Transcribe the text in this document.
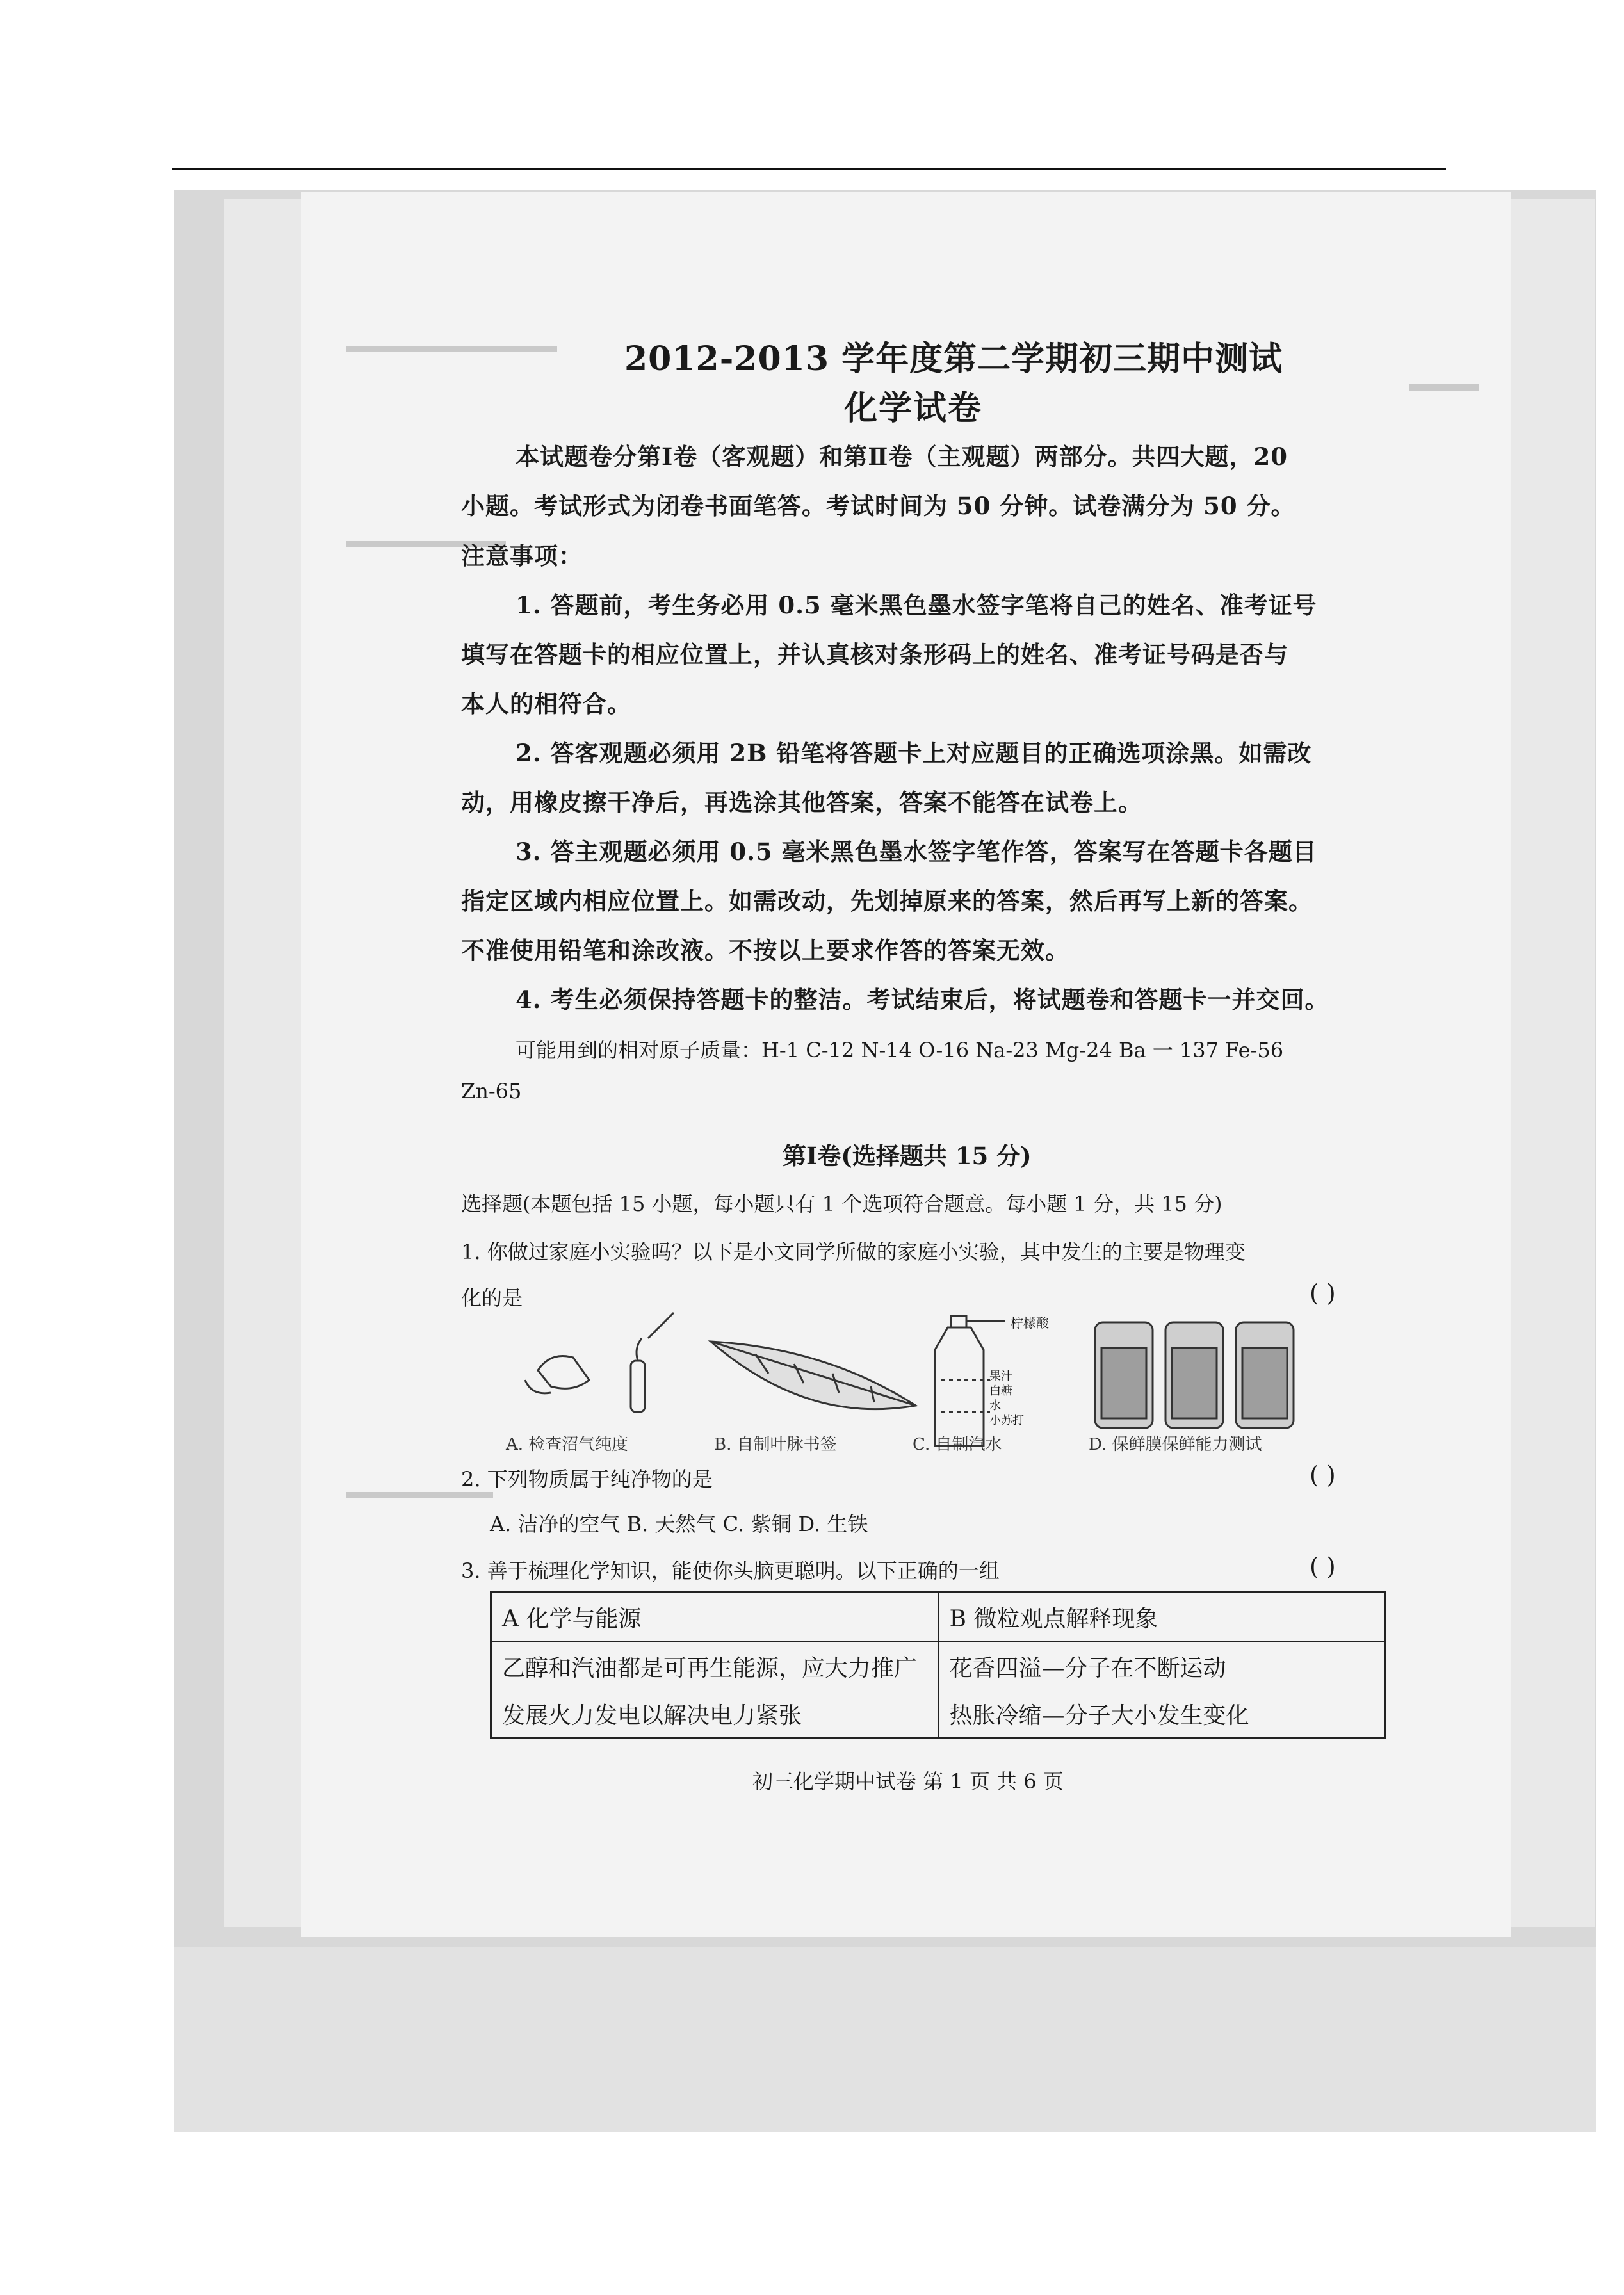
2012-2013 学年度第二学期初三期中测试
化学试卷
本试题卷分第Ⅰ卷（客观题）和第Ⅱ卷（主观题）两部分。共四大题，20
小题。考试形式为闭卷书面笔答。考试时间为 50 分钟。试卷满分为 50 分。
注意事项：
1. 答题前，考生务必用 0.5 毫米黑色墨水签字笔将自己的姓名、准考证号
填写在答题卡的相应位置上，并认真核对条形码上的姓名、准考证号码是否与
本人的相符合。
2. 答客观题必须用 2B 铅笔将答题卡上对应题目的正确选项涂黑。如需改
动，用橡皮擦干净后，再选涂其他答案，答案不能答在试卷上。
3. 答主观题必须用 0.5 毫米黑色墨水签字笔作答，答案写在答题卡各题目
指定区域内相应位置上。如需改动，先划掉原来的答案，然后再写上新的答案。
不准使用铅笔和涂改液。不按以上要求作答的答案无效。
4. 考生必须保持答题卡的整洁。考试结束后，将试题卷和答题卡一并交回。
可能用到的相对原子质量：H-1 C-12 N-14 O-16 Na-23 Mg-24 Ba 一 137 Fe-56
Zn-65
第Ⅰ卷(选择题共 15 分)
选择题(本题包括 15 小题，每小题只有 1 个选项符合题意。每小题 1 分，共 15 分)
1. 你做过家庭小实验吗？以下是小文同学所做的家庭小实验，其中发生的主要是物理变
化的是	( )
柠檬酸
果汁
白糖
水
小苏打
A. 检查沼气纯度	B. 自制叶脉书签	C. 自制汽水	D. 保鲜膜保鲜能力测试
2. 下列物质属于纯净物的是	( )
A. 洁净的空气 B. 天然气 C. 紫铜 D. 生铁
3. 善于梳理化学知识，能使你头脑更聪明。以下正确的一组	( )
A 化学与能源	B 微粒观点解释现象
乙醇和汽油都是可再生能源，应大力推广	花香四溢—分子在不断运动
发展火力发电以解决电力紧张	热胀冷缩—分子大小发生变化
初三化学期中试卷 第 1 页 共 6 页
